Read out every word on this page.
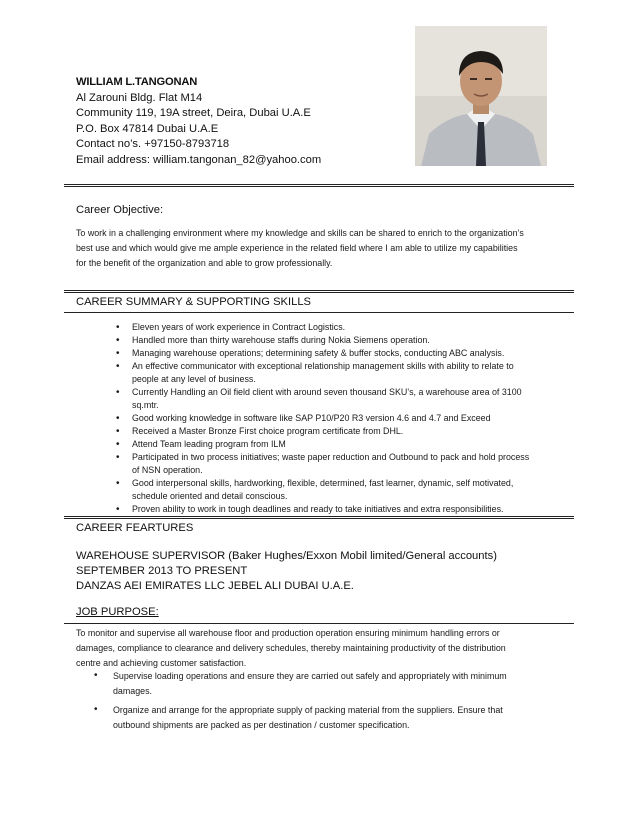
WILLIAM L.TANGONAN
Al Zarouni Bldg. Flat M14
Community 119, 19A street, Deira, Dubai U.A.E
P.O. Box 47814 Dubai U.A.E
Contact no’s. +97150-8793718
Email address: william.tangonan_82@yahoo.com
Career Objective:
To work in a challenging environment where my knowledge and skills can be shared to enrich to the organization’s
best use and which would give me ample experience in the related field where I am able to utilize my capabilities
for the benefit of the organization and able to grow professionally.
CAREER SUMMARY & SUPPORTING SKILLS
• Eleven years of work experience in Contract Logistics.
• Handled more than thirty warehouse staffs during Nokia Siemens operation.
• Managing warehouse operations; determining safety & buffer stocks, conducting ABC analysis.
• An effective communicator with exceptional relationship management skills with ability to relate to
people at any level of business.
• Currently Handling an Oil field client with around seven thousand SKU’s, a warehouse area of 3100
sq.mtr.
• Good working knowledge in software like SAP P10/P20 R3 version 4.6 and 4.7 and Exceed
• Received a Master Bronze First choice program certificate from DHL.
• Attend Team leading program from ILM
• Participated in two process initiatives; waste paper reduction and Outbound to pack and hold process
of NSN operation.
• Good interpersonal skills, hardworking, flexible, determined, fast learner, dynamic, self motivated,
schedule oriented and detail conscious.
• Proven ability to work in tough deadlines and ready to take initiatives and extra responsibilities.
CAREER FEARTURES
WAREHOUSE SUPERVISOR (Baker Hughes/Exxon Mobil limited/General accounts)
SEPTEMBER 2013 TO PRESENT
DANZAS AEI EMIRATES LLC JEBEL ALI DUBAI U.A.E.
JOB PURPOSE:
To monitor and supervise all warehouse floor and production operation ensuring minimum handling errors or
damages, compliance to clearance and delivery schedules, thereby maintaining productivity of the distribution
centre and achieving customer satisfaction.
• Supervise loading operations and ensure they are carried out safely and appropriately with minimum
damages.
• Organize and arrange for the appropriate supply of packing material from the suppliers. Ensure that
outbound shipments are packed as per destination / customer specification.
